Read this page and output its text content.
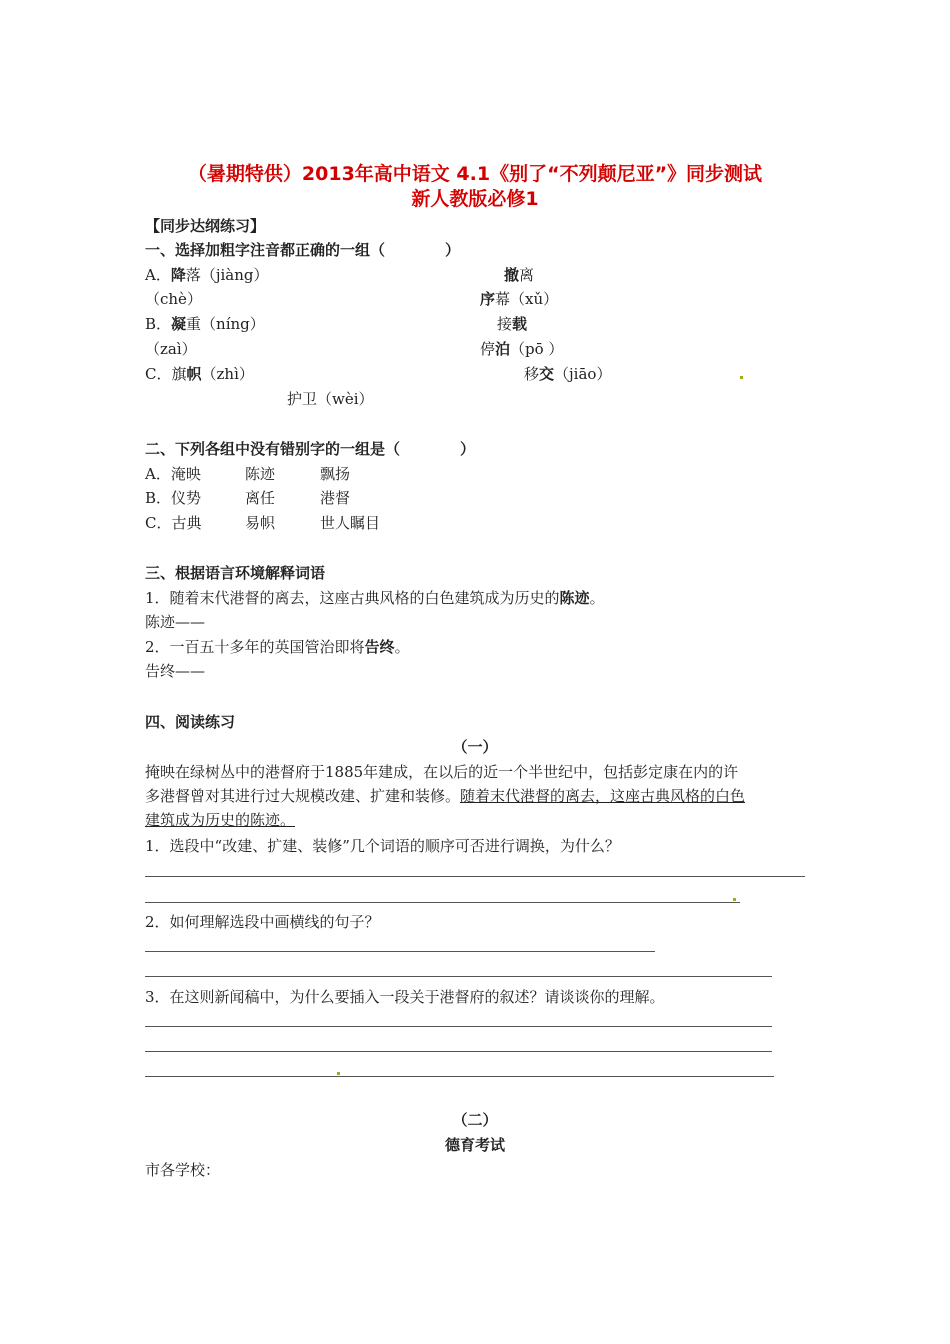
（暑期特供）2013年高中语文 4.1《别了“不列颠尼亚”》同步测试
新人教版必修1
【同步达纲练习】
一、选择加粗字注音都正确的一组（　　　　）
A．降落（jiàng）	撤离
（chè）	序幕（xǔ）
B．凝重（níng）	接载
（zaì）	停泊（pō ）
C．旗帜（zhì）	移交（jiāo）
护卫（wèi）
二、下列各组中没有错别字的一组是（　　　　）
A．淹映	陈迹	飘扬
B．仪势	离任	港督
C．古典	易帜	世人瞩目
三、根据语言环境解释词语
1．随着末代港督的离去，这座古典风格的白色建筑成为历史的陈迹。
陈迹——
2．一百五十多年的英国管治即将告终。
告终——
四、阅读练习
（一）
掩映在绿树丛中的港督府于1885年建成，在以后的近一个半世纪中，包括彭定康在内的许
多港督曾对其进行过大规模改建、扩建和装修。随着末代港督的离去，这座古典风格的白色
建筑成为历史的陈迹。
1．选段中“改建、扩建、装修”几个词语的顺序可否进行调换，为什么？
2．如何理解选段中画横线的句子？
3．在这则新闻稿中，为什么要插入一段关于港督府的叙述？请谈谈你的理解。
（二）
德育考试
市各学校：
